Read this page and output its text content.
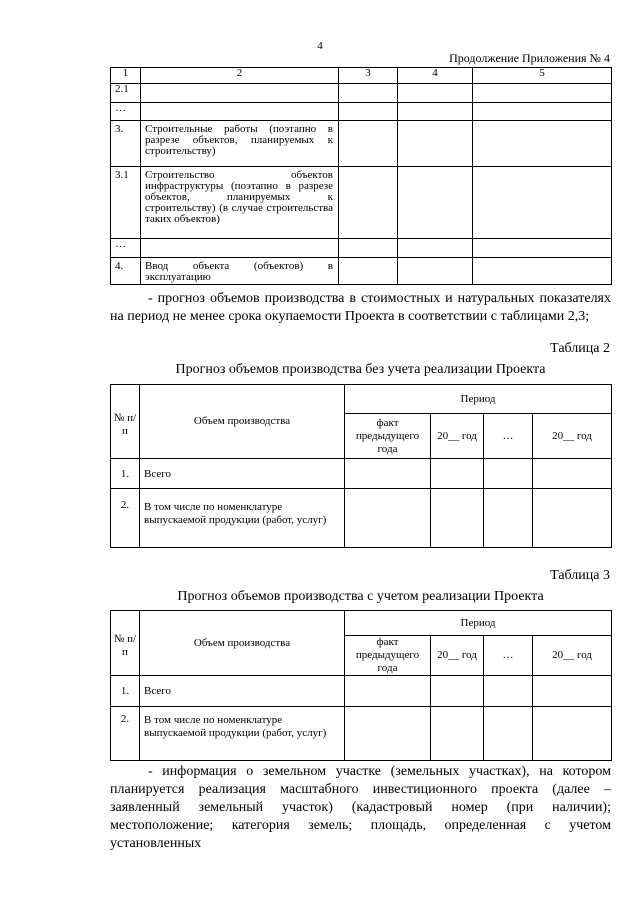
4
Продолжение Приложения № 4
1	2	3	4	5
2.1				
…				
3.	Строительные работы (поэтапно в разрезе объектов, планируемых к строительству)			
3.1	Строительство объектов инфраструктуры (поэтапно в разрезе объектов, планируемых к строительству) (в случае строительства таких объектов)			
…				
4.	Ввод объекта (объектов) в эксплуатацию			
- прогноз объемов производства в стоимостных и натуральных показателях на период не менее срока окупаемости Проекта в соответствии с таблицами 2,3;
Таблица 2
Прогноз объемов производства без учета реализации Проекта
№ п/п	Объем производства	Период			
		факт предыдущего года	20__ год	…	20__ год
1.	Всего				
2.	В том числе по номенклатуре выпускаемой продукции (работ, услуг)				
Таблица 3
Прогноз объемов производства с учетом реализации Проекта
№ п/п	Объем производства	Период			
		факт предыдущего года	20__ год	…	20__ год
1.	Всего				
2.	В том числе по номенклатуре выпускаемой продукции (работ, услуг)				
- информация о земельном участке (земельных участках), на котором планируется реализация масштабного инвестиционного проекта (далее – заявленный земельный участок) (кадастровый номер (при наличии); местоположение; категория земель; площадь, определенная с учетом установленных
